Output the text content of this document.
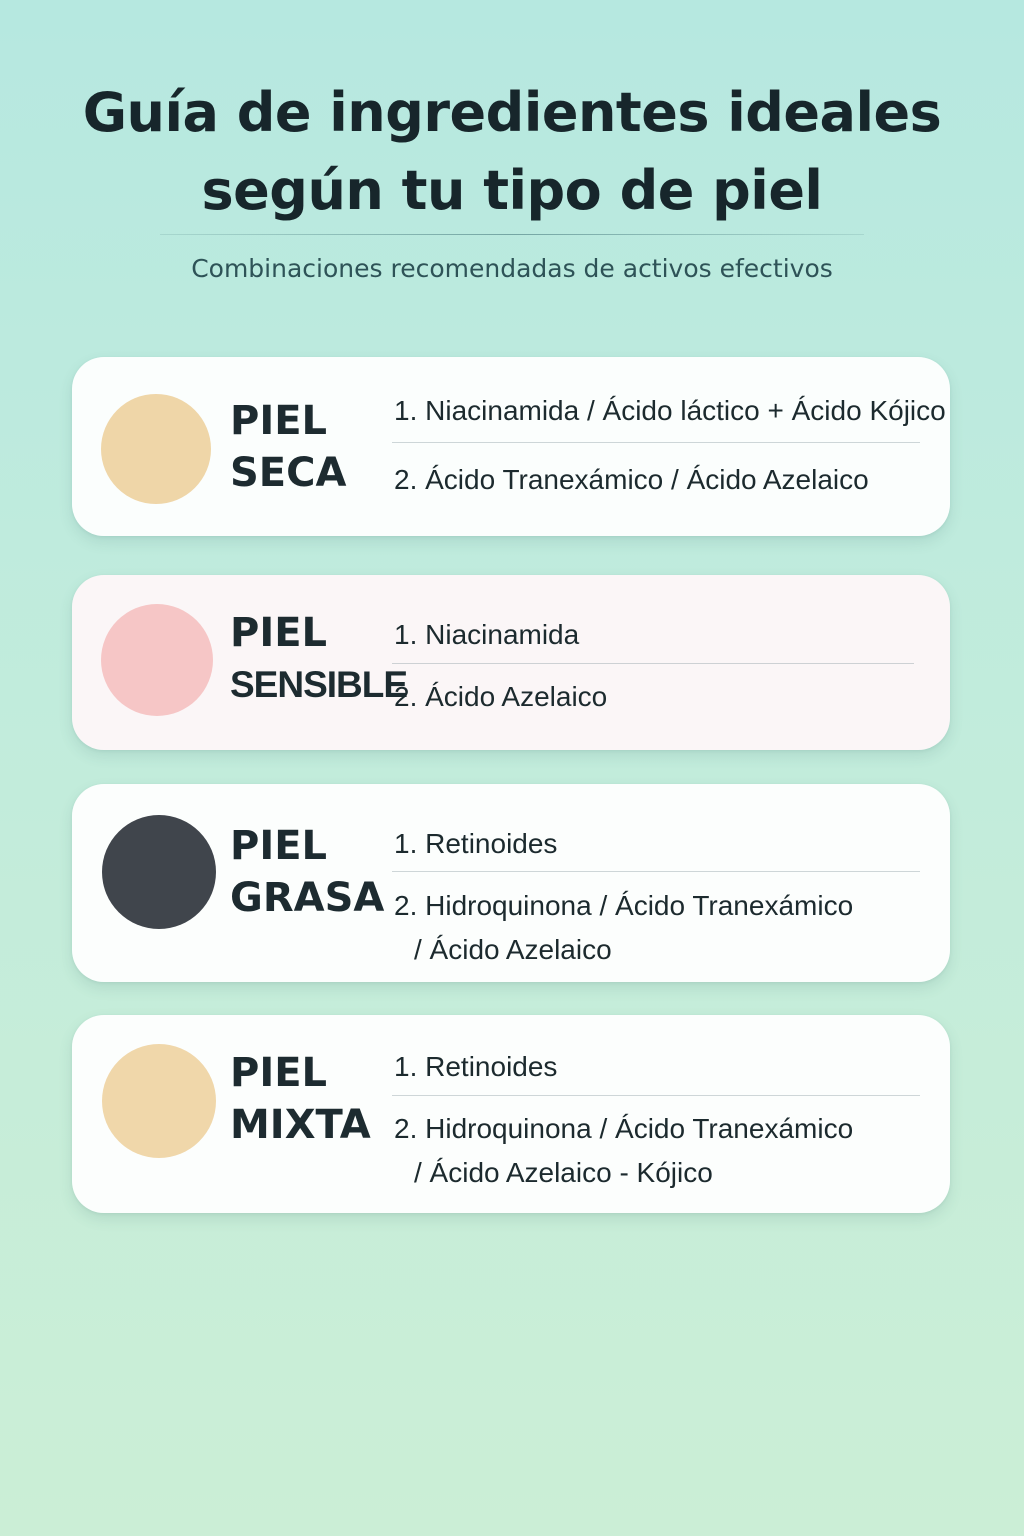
Guía de ingredientes ideales
según tu tipo de piel

Combinaciones recomendadas de activos efectivos

PIEL
SECA
1. Niacinamida / Ácido láctico + Ácido Kójico
2. Ácido Tranexámico / Ácido Azelaico
PIEL
SENSIBLE
1. Niacinamida
2. Ácido Azelaico
PIEL
GRASA
1. Retinoides
2. Hidroquinona / Ácido Tranexámico
/ Ácido Azelaico
PIEL
MIXTA
1. Retinoides
2. Hidroquinona / Ácido Tranexámico
/ Ácido Azelaico - Kójico
